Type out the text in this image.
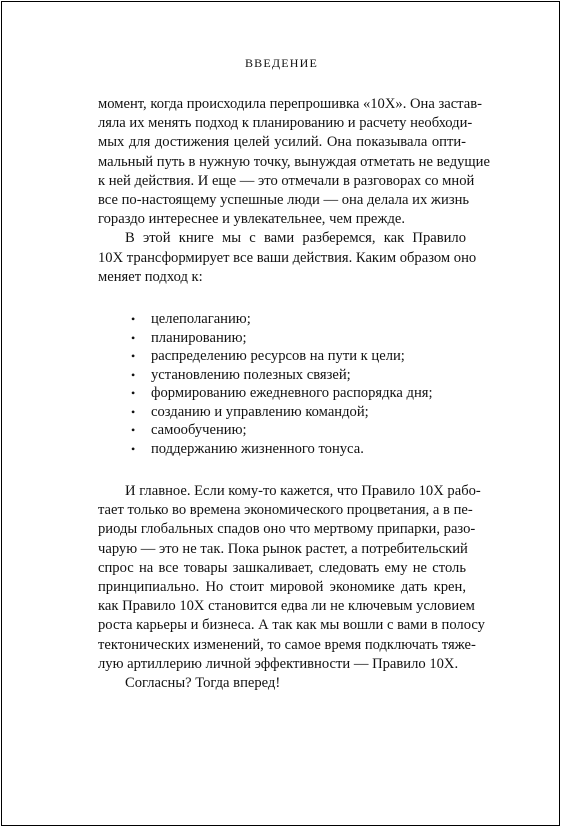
ВВЕДЕНИЕ
момент, когда происходила перепрошивка «10X». Она застав-
ляла их менять подход к планированию и расчету необходи-
мых для достижения целей усилий. Она показывала опти-
мальный путь в нужную точку, вынуждая отметать не ведущие
к ней действия. И еще — это отмечали в разговорах со мной
все по-настоящему успешные люди — она делала их жизнь
гораздо интереснее и увлекательнее, чем прежде.
В этой книге мы с вами разберемся, как Правило
10X трансформирует все ваши действия. Каким образом оно
меняет подход к:
•	целеполаганию;
•	планированию;
•	распределению ресурсов на пути к цели;
•	установлению полезных связей;
•	формированию ежедневного распорядка дня;
•	созданию и управлению командой;
•	самообучению;
•	поддержанию жизненного тонуса.
И главное. Если кому-то кажется, что Правило 10X рабо-
тает только во времена экономического процветания, а в пе-
риоды глобальных спадов оно что мертвому припарки, разо-
чарую — это не так. Пока рынок растет, а потребительский
спрос на все товары зашкаливает, следовать ему не столь
принципиально. Но стоит мировой экономике дать крен,
как Правило 10X становится едва ли не ключевым условием
роста карьеры и бизнеса. А так как мы вошли с вами в полосу
тектонических изменений, то самое время подключать тяже-
лую артиллерию личной эффективности — Правило 10X.
Согласны? Тогда вперед!
